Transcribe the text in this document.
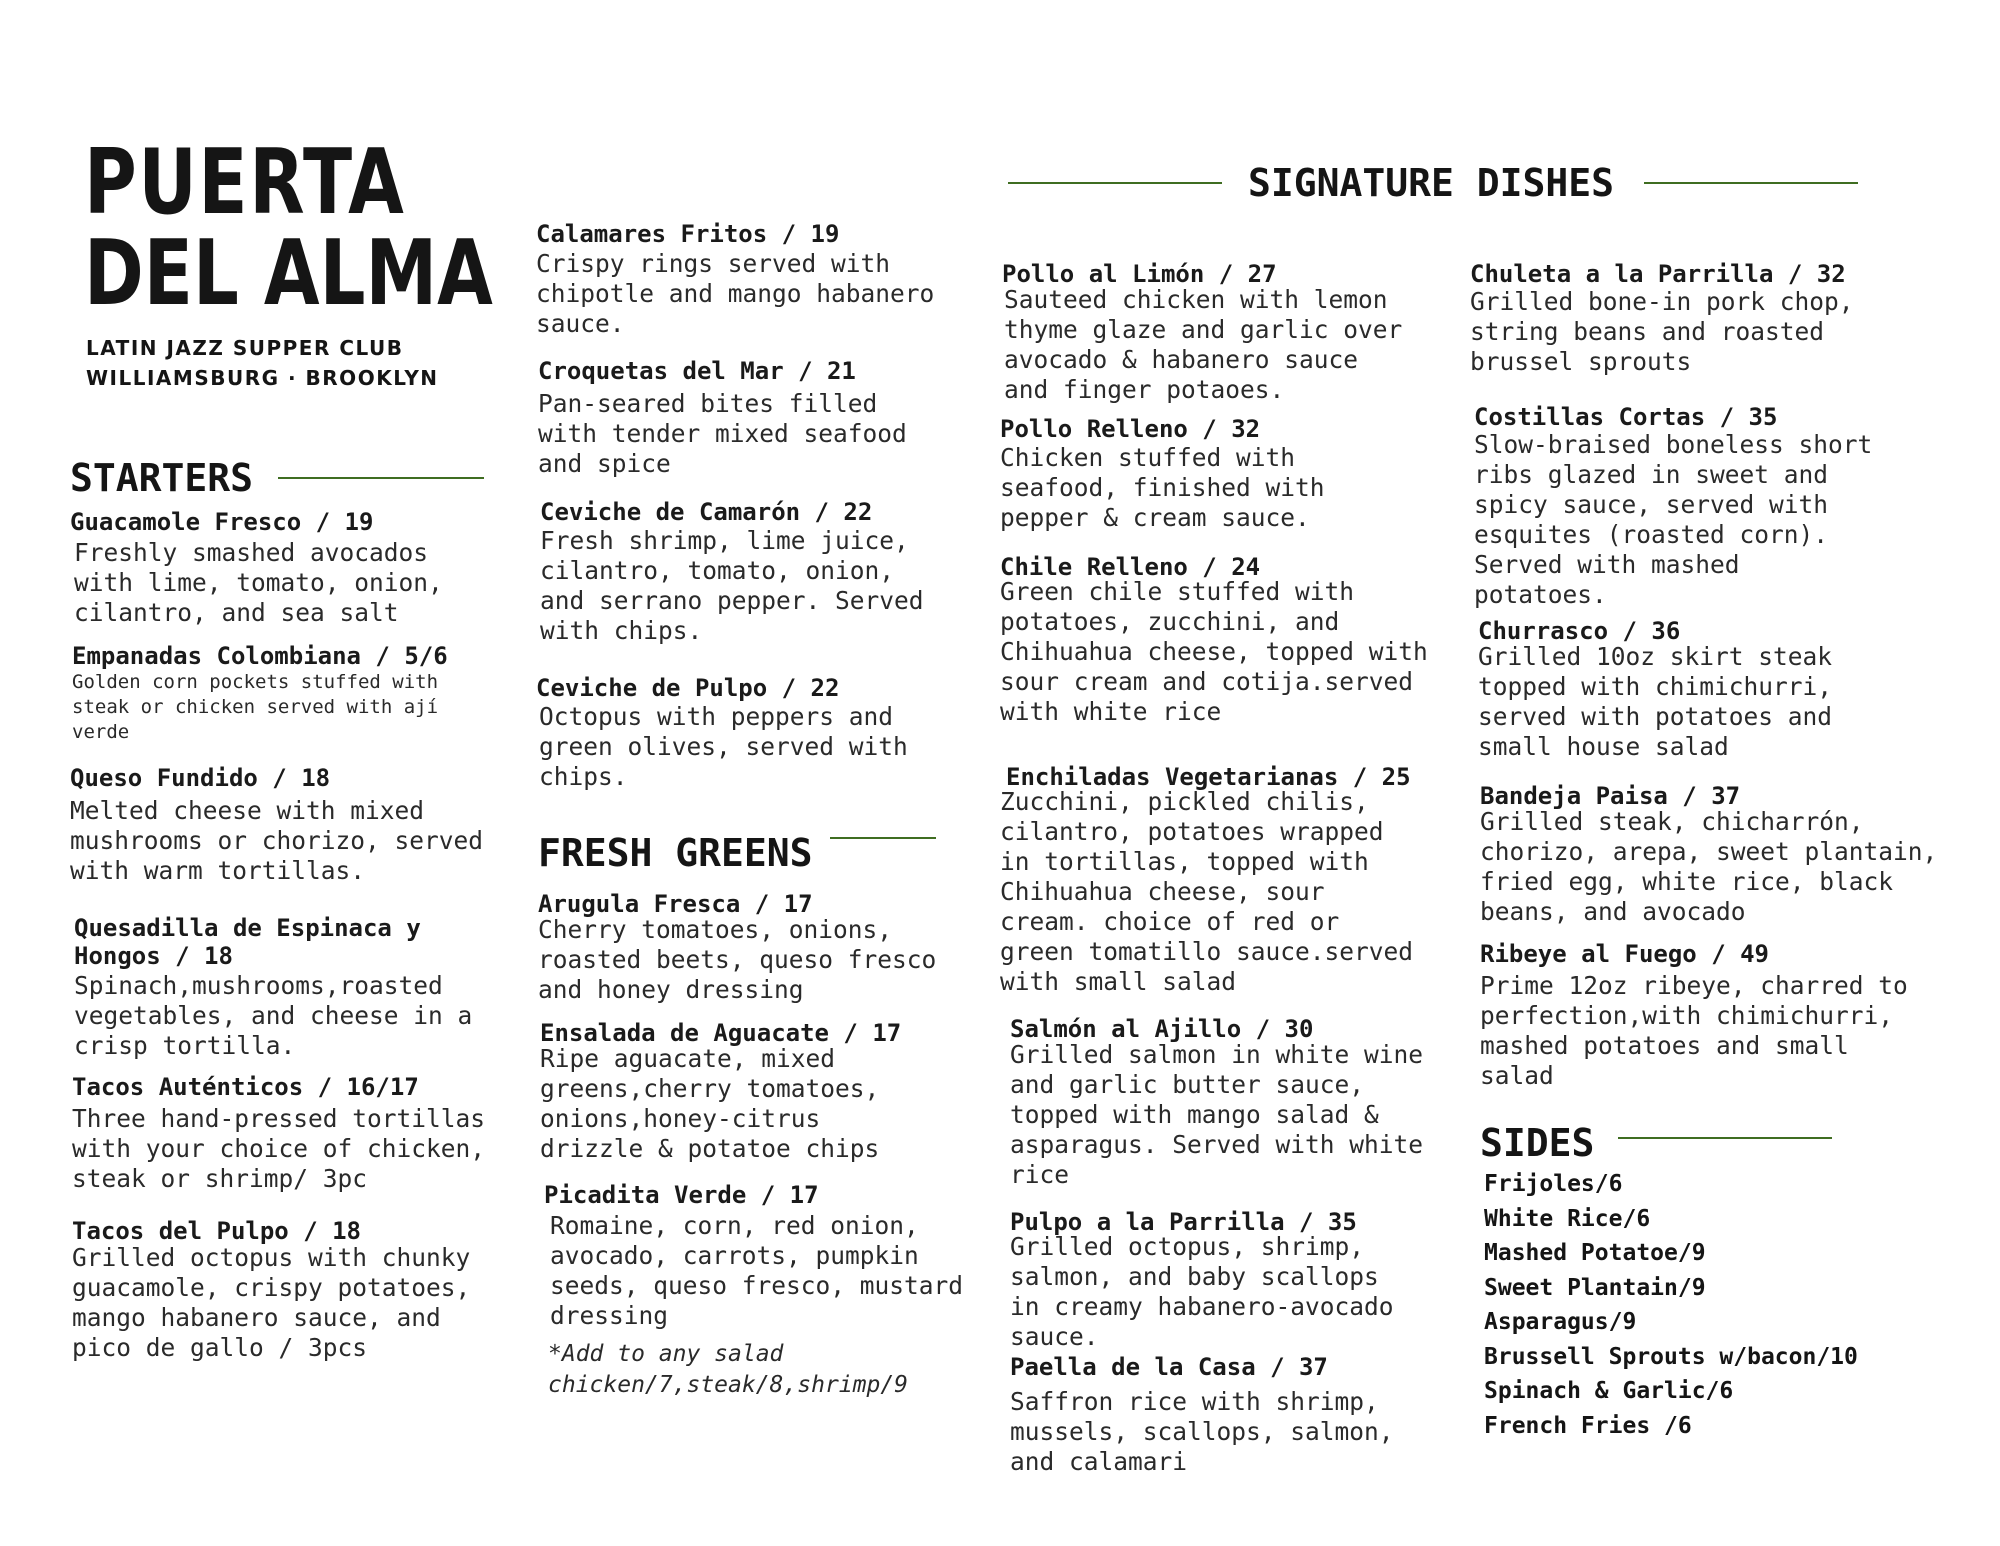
PUERTA
DEL ALMA
LATIN JAZZ SUPPER CLUB
WILLIAMSBURG · BROOKLYN
STARTERS
Guacamole Fresco / 19
Freshly smashed avocados
with lime, tomato, onion,
cilantro, and sea salt
Empanadas Colombiana / 5/6
Golden corn pockets stuffed with
steak or chicken served with ají
verde
Queso Fundido / 18
Melted cheese with mixed
mushrooms or chorizo, served
with warm tortillas.
Quesadilla de Espinaca y
Hongos / 18
Spinach,mushrooms,roasted
vegetables, and cheese in a
crisp tortilla.
Tacos Auténticos / 16/17
Three hand-pressed tortillas
with your choice of chicken,
steak or shrimp/ 3pc
Tacos del Pulpo / 18
Grilled octopus with chunky
guacamole, crispy potatoes,
mango habanero sauce, and
pico de gallo / 3pcs
Calamares Fritos / 19
Crispy rings served with
chipotle and mango habanero
sauce.
Croquetas del Mar / 21
Pan-seared bites filled
with tender mixed seafood
and spice
Ceviche de Camarón / 22
Fresh shrimp, lime juice,
cilantro, tomato, onion,
and serrano pepper. Served
with chips.
Ceviche de Pulpo / 22
Octopus with peppers and
green olives, served with
chips.
FRESH GREENS
Arugula Fresca / 17
Cherry tomatoes, onions,
roasted beets, queso fresco
and honey dressing
Ensalada de Aguacate / 17
Ripe aguacate, mixed
greens,cherry tomatoes,
onions,honey-citrus
drizzle & potatoe chips
Picadita Verde / 17
Romaine, corn, red onion,
avocado, carrots, pumpkin
seeds, queso fresco, mustard
dressing
*Add to any salad
chicken/7,steak/8,shrimp/9
SIGNATURE DISHES
Pollo al Limón / 27
Sauteed chicken with lemon
thyme glaze and garlic over
avocado & habanero sauce
and finger potaoes.
Pollo Relleno / 32
Chicken stuffed with
seafood, finished with
pepper & cream sauce.
Chile Relleno / 24
Green chile stuffed with
potatoes, zucchini, and
Chihuahua cheese, topped with
sour cream and cotija.served
with white rice
Enchiladas Vegetarianas / 25
Zucchini, pickled chilis,
cilantro, potatoes wrapped
in tortillas, topped with
Chihuahua cheese, sour
cream. choice of red or
green tomatillo sauce.served
with small salad
Salmón al Ajillo / 30
Grilled salmon in white wine
and garlic butter sauce,
topped with mango salad &
asparagus. Served with white
rice
Pulpo a la Parrilla / 35
Grilled octopus, shrimp,
salmon, and baby scallops
in creamy habanero-avocado
sauce.
Paella de la Casa / 37
Saffron rice with shrimp,
mussels, scallops, salmon,
and calamari
Chuleta a la Parrilla / 32
Grilled bone-in pork chop,
string beans and roasted
brussel sprouts
Costillas Cortas / 35
Slow-braised boneless short
ribs glazed in sweet and
spicy sauce, served with
esquites (roasted corn).
Served with mashed
potatoes.
Churrasco / 36
Grilled 10oz skirt steak
topped with chimichurri,
served with potatoes and
small house salad
Bandeja Paisa / 37
Grilled steak, chicharrón,
chorizo, arepa, sweet plantain,
fried egg, white rice, black
beans, and avocado
Ribeye al Fuego / 49
Prime 12oz ribeye, charred to
perfection,with chimichurri,
mashed potatoes and small
salad
SIDES
Frijoles/6
White Rice/6
Mashed Potatoe/9
Sweet Plantain/9
Asparagus/9
Brussell Sprouts w/bacon/10
Spinach & Garlic/6
French Fries /6
